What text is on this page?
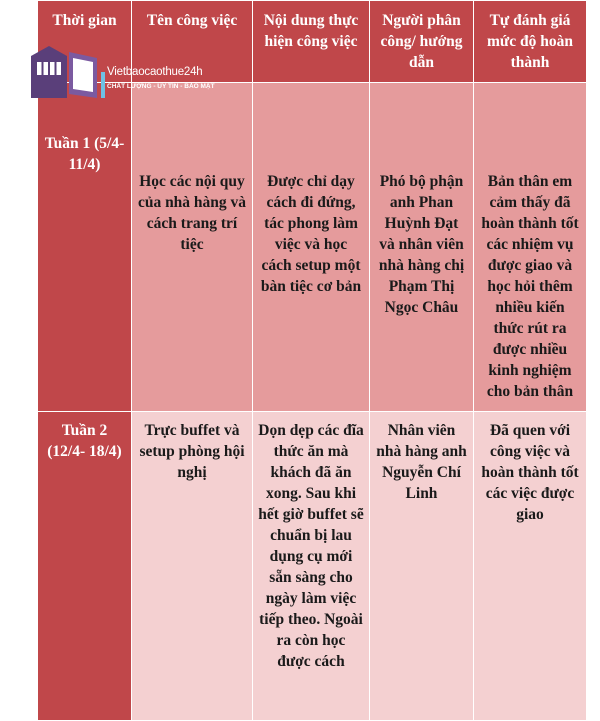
Thời gian	Tên công việc	Nội dung thực hiện công việc	Người phân công/ hướng dẫn	Tự đánh giá mức độ hoàn thành
Tuần 1 (5/4- 11/4)	Học các nội quy của nhà hàng và cách trang trí tiệc	Được chỉ dạy cách đi đứng, tác phong làm việc và học cách setup một bàn tiệc cơ bản	Phó bộ phận anh Phan Huỳnh Đạt và nhân viên nhà hàng chị Phạm Thị Ngọc Châu	Bản thân em cảm thấy đã hoàn thành tốt các nhiệm vụ được giao và học hỏi thêm nhiều kiến thức rút ra được nhiều kinh nghiệm cho bản thân
Tuần 2 (12/4- 18/4)	Trực buffet và setup phòng hội nghị	Dọn dẹp các đĩa thức ăn mà khách đã ăn xong. Sau khi hết giờ buffet sẽ chuẩn bị lau dụng cụ mới sẵn sàng cho ngày làm việc tiếp theo. Ngoài ra còn học được cách	Nhân viên nhà hàng anh Nguyễn Chí Linh	Đã quen với công việc và hoàn thành tốt các việc được giao
Vietbaocaothue24h
CHẤT LƯỢNG - UY TÍN - BẢO MẬT
